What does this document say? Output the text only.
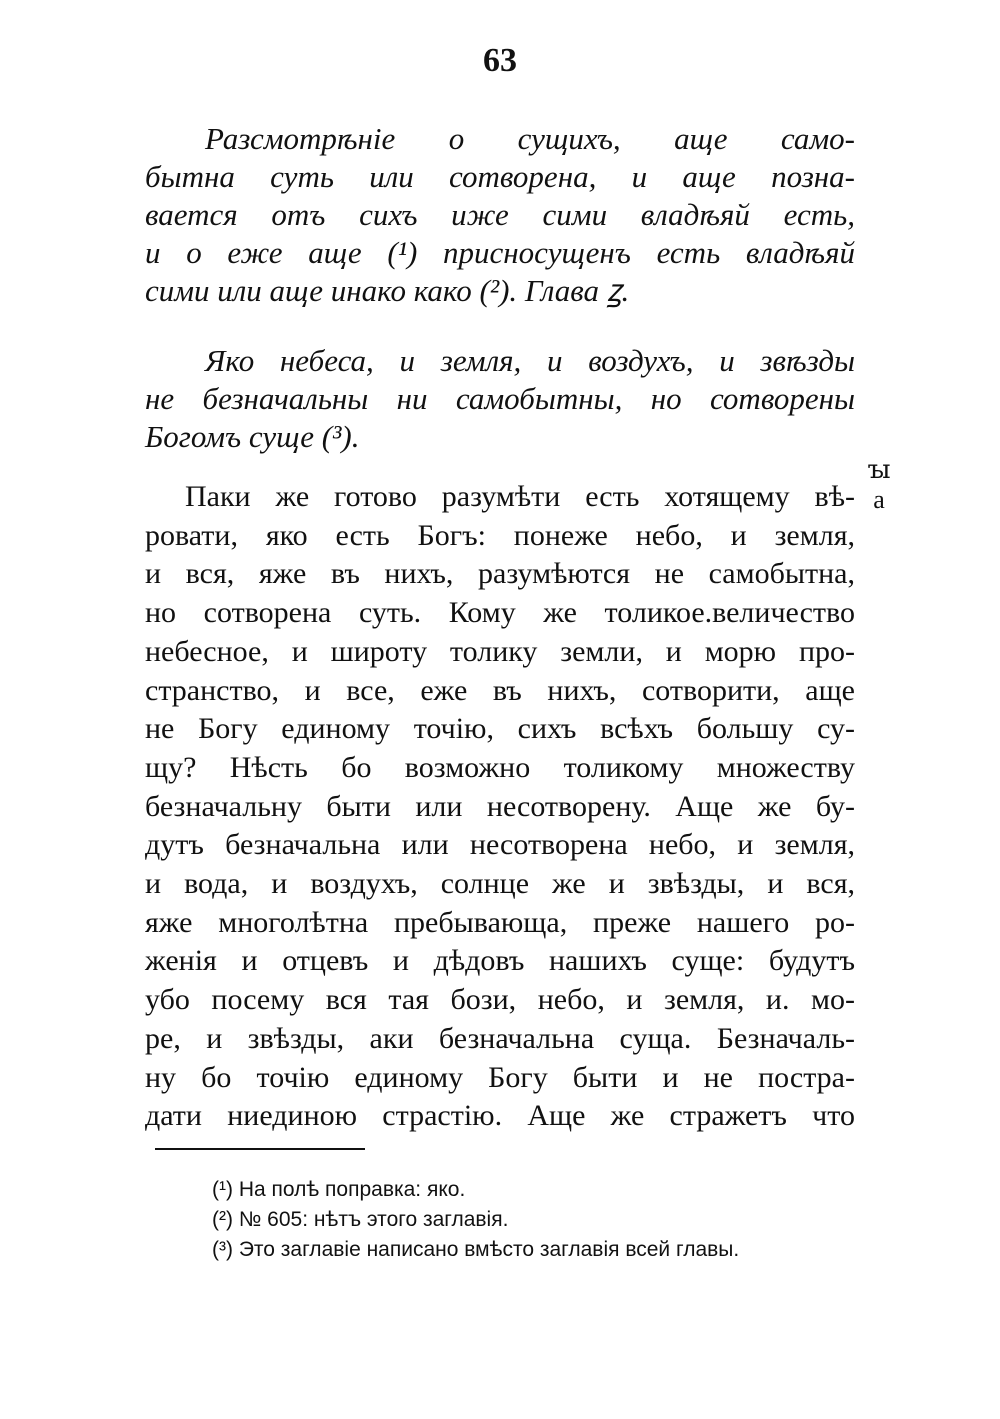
63
Разсмотрѣніе о сущихъ, аще само-
бытна суть или сотворена, и аще позна-
вается отъ сихъ иже сими владѣяй есть,
и о еже аще (¹) присносущенъ есть владѣяй
сими или аще инако како (²). Глава ꙁ.
Яко небеса, и земля, и воздухъ, и звѣзды
не безначальны ни самобытны, но сотворены
Богомъ суще (³).
ꙑ
а
Паки же готово разумѣти есть хотящему вѣ-
ровати, яко есть Богъ: понеже небо, и земля,
и вся, яже въ нихъ, разумѣются не самобытна,
но сотворена суть. Кому же толикое.величество
небесное, и широту толику земли, и морю про-
странство, и все, еже въ нихъ, сотворити, аще
не Богу единому точію, сихъ всѣхъ большу су-
щу? Нѣсть бо возможно толикому множеству
безначальну быти или несотворену. Аще же бу-
дутъ безначальна или несотворена небо, и земля,
и вода, и воздухъ, солнце же и звѣзды, и вся,
яже многолѣтна пребывающа, преже нашего ро-
женія и отцевъ и дѣдовъ нашихъ суще: будутъ
убо посему вся тая бози, небо, и земля, и. мо-
ре, и звѣзды, аки безначальна суща. Безначаль-
ну бо точію единому Богу быти и не пострa-
дати ниединою страстію. Аще же стражетъ что
(¹) На полѣ поправка: яко.
(²) № 605: нѣтъ этого заглавія.
(³) Это заглавіе написано вмѣсто заглавія всей главы.
